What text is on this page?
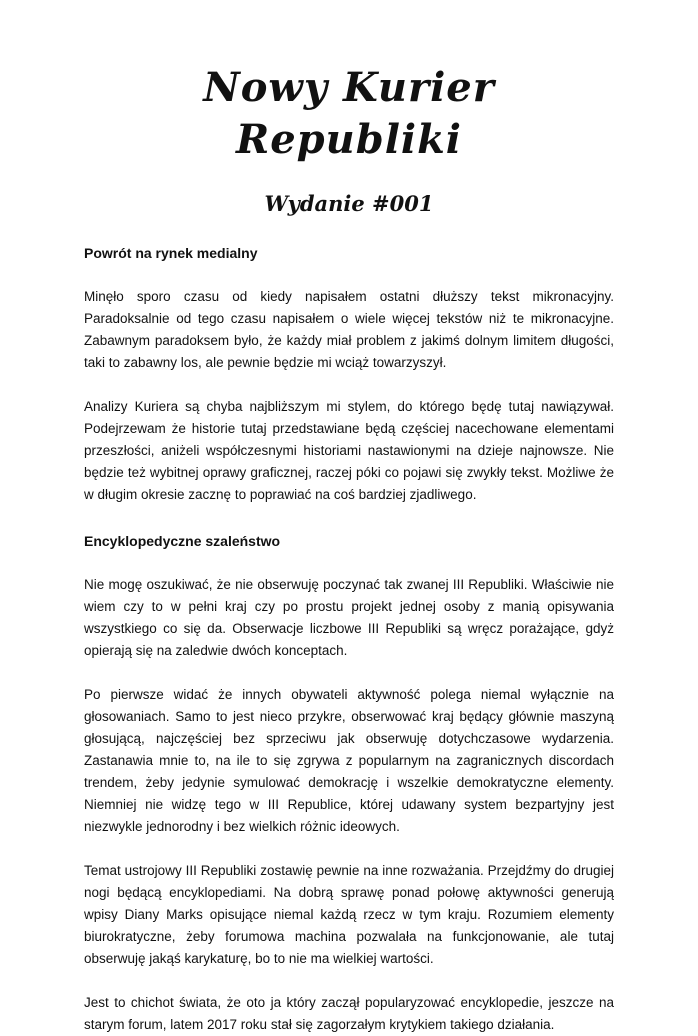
Nowy Kurier Republiki
Wydanie #001
Powrót na rynek medialny

Minęło sporo czasu od kiedy napisałem ostatni dłuższy tekst mikronacyjny. Paradoksalnie od tego czasu napisałem o wiele więcej tekstów niż te mikronacyjne. Zabawnym paradoksem było, że każdy miał problem z jakimś dolnym limitem długości, taki to zabawny los, ale pewnie będzie mi wciąż towarzyszył.

Analizy Kuriera są chyba najbliższym mi stylem, do którego będę tutaj nawiązywał. Podejrzewam że historie tutaj przedstawiane będą częściej nacechowane elementami przeszłości, aniżeli współczesnymi historiami nastawionymi na dzieje najnowsze. Nie będzie też wybitnej oprawy graficznej, raczej póki co pojawi się zwykły tekst. Możliwe że w długim okresie zacznę to poprawiać na coś bardziej zjadliwego.

Encyklopedyczne szaleństwo

Nie mogę oszukiwać, że nie obserwuję poczynać tak zwanej III Republiki. Właściwie nie wiem czy to w pełni kraj czy po prostu projekt jednej osoby z manią opisywania wszystkiego co się da. Obserwacje liczbowe III Republiki są wręcz porażające, gdyż opierają się na zaledwie dwóch konceptach.

Po pierwsze widać że innych obywateli aktywność polega niemal wyłącznie na głosowaniach. Samo to jest nieco przykre, obserwować kraj będący głównie maszyną głosującą, najczęściej bez sprzeciwu jak obserwuję dotychczasowe wydarzenia. Zastanawia mnie to, na ile to się zgrywa z popularnym na zagranicznych discordach trendem, żeby jedynie symulować demokrację i wszelkie demokratyczne elementy. Niemniej nie widzę tego w III Republice, której udawany system bezpartyjny jest niezwykle jednorodny i bez wielkich różnic ideowych.

Temat ustrojowy III Republiki zostawię pewnie na inne rozważania. Przejdźmy do drugiej nogi będącą encyklopediami. Na dobrą sprawę ponad połowę aktywności generują wpisy Diany Marks opisujące niemal każdą rzecz w tym kraju. Rozumiem elementy biurokratyczne, żeby forumowa machina pozwalała na funkcjonowanie, ale tutaj obserwuję jakąś karykaturę, bo to nie ma wielkiej wartości.

Jest to chichot świata, że oto ja który zaczął popularyzować encyklopedie, jeszcze na starym forum, latem 2017 roku stał się zagorzałym krytykiem takiego działania.
